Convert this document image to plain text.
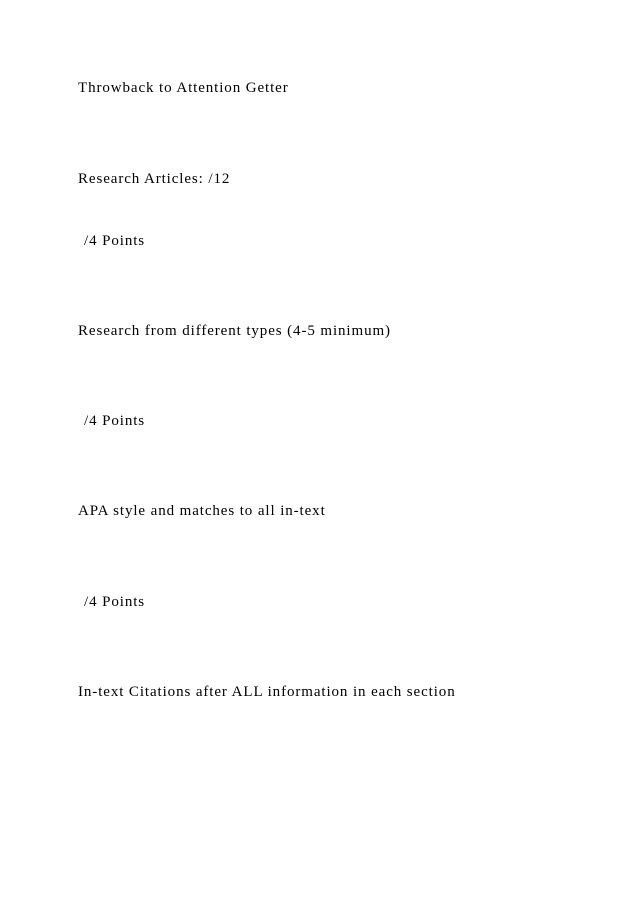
Throwback to Attention Getter

Research Articles: /12

/4 Points

Research from different types (4-5 minimum)

/4 Points

APA style and matches to all in-text

/4 Points

In-text Citations after ALL information in each section
